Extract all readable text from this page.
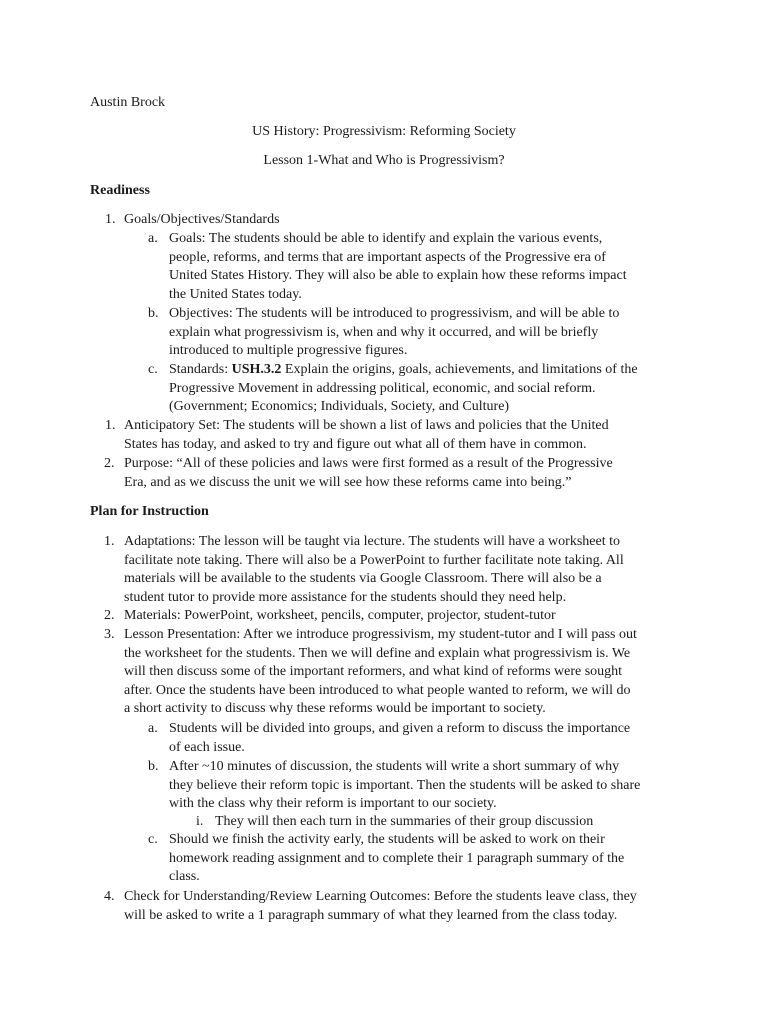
Austin Brock
US History: Progressivism: Reforming Society
Lesson 1-What and Who is Progressivism?
Readiness
1. Goals/Objectives/Standards
a. Goals: The students should be able to identify and explain the various events,
people, reforms, and terms that are important aspects of the Progressive era of
United States History. They will also be able to explain how these reforms impact
the United States today.
b. Objectives: The students will be introduced to progressivism, and will be able to
explain what progressivism is, when and why it occurred, and will be briefly
introduced to multiple progressive figures.
c. Standards: USH.3.2 Explain the origins, goals, achievements, and limitations of the
Progressive Movement in addressing political, economic, and social reform.
(Government; Economics; Individuals, Society, and Culture)
1. Anticipatory Set: The students will be shown a list of laws and policies that the United
States has today, and asked to try and figure out what all of them have in common.
2. Purpose: “All of these policies and laws were first formed as a result of the Progressive
Era, and as we discuss the unit we will see how these reforms came into being.”
Plan for Instruction
1. Adaptations: The lesson will be taught via lecture. The students will have a worksheet to
facilitate note taking. There will also be a PowerPoint to further facilitate note taking. All
materials will be available to the students via Google Classroom. There will also be a
student tutor to provide more assistance for the students should they need help.
2. Materials: PowerPoint, worksheet, pencils, computer, projector, student-tutor
3. Lesson Presentation: After we introduce progressivism, my student-tutor and I will pass out
the worksheet for the students. Then we will define and explain what progressivism is. We
will then discuss some of the important reformers, and what kind of reforms were sought
after. Once the students have been introduced to what people wanted to reform, we will do
a short activity to discuss why these reforms would be important to society.
a. Students will be divided into groups, and given a reform to discuss the importance
of each issue.
b. After ~10 minutes of discussion, the students will write a short summary of why
they believe their reform topic is important. Then the students will be asked to share
with the class why their reform is important to our society.
i. They will then each turn in the summaries of their group discussion
c. Should we finish the activity early, the students will be asked to work on their
homework reading assignment and to complete their 1 paragraph summary of the
class.
4. Check for Understanding/Review Learning Outcomes: Before the students leave class, they
will be asked to write a 1 paragraph summary of what they learned from the class today.
